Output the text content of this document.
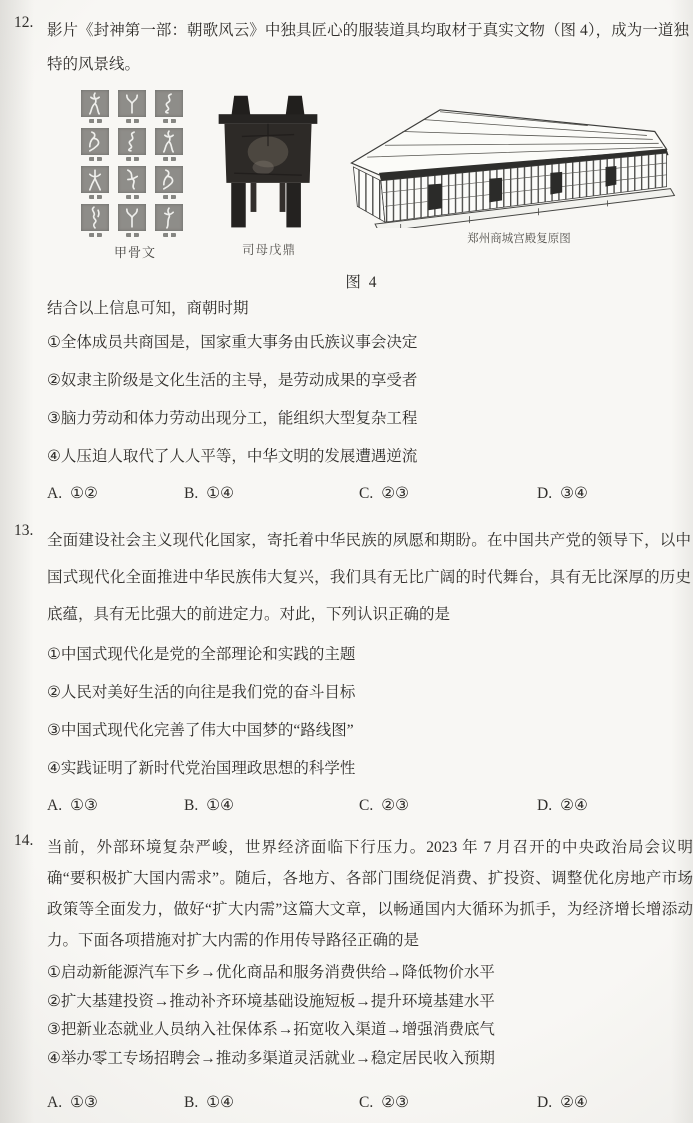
12. 影片《封神第一部：朝歌风云》中独具匠心的服装道具均取材于真实文物（图 4），成为一道独特的风景线。

甲骨文	司母戊鼎
郑州商城宫殿复原图

图 4

结合以上信息可知，商朝时期

①全体成员共商国是，国家重大事务由氏族议事会决定

②奴隶主阶级是文化生活的主导，是劳动成果的享受者

③脑力劳动和体力劳动出现分工，能组织大型复杂工程

④人压迫人取代了人人平等，中华文明的发展遭遇逆流

A. ①②	B. ①④	C. ②③	D. ③④
13.

全面建设社会主义现代化国家，寄托着中华民族的夙愿和期盼。在中国共产党的领导下，以中国式现代化全面推进中华民族伟大复兴，我们具有无比广阔的时代舞台，具有无比深厚的历史底蕴，具有无比强大的前进定力。对此，下列认识正确的是

①中国式现代化是党的全部理论和实践的主题

②人民对美好生活的向往是我们党的奋斗目标

③中国式现代化完善了伟大中国梦的“路线图”

④实践证明了新时代党治国理政思想的科学性

A. ①③	B. ①④	C. ②③	D. ②④
14. 当前，外部环境复杂严峻，世界经济面临下行压力。2023 年 7 月召开的中央政治局会议明确“要积极扩大国内需求”。随后，各地方、各部门围绕促消费、扩投资、调整优化房地产市场政策等全面发力，做好“扩大内需”这篇大文章，以畅通国内大循环为抓手，为经济增长增添动力。下面各项措施对扩大内需的作用传导路径正确的是

①启动新能源汽车下乡→优化商品和服务消费供给→降低物价水平

②扩大基建投资→推动补齐环境基础设施短板→提升环境基建水平

③把新业态就业人员纳入社保体系→拓宽收入渠道→增强消费底气

④举办零工专场招聘会→推动多渠道灵活就业→稳定居民收入预期

A. ①③	B. ①④	C. ②③	D. ②④
